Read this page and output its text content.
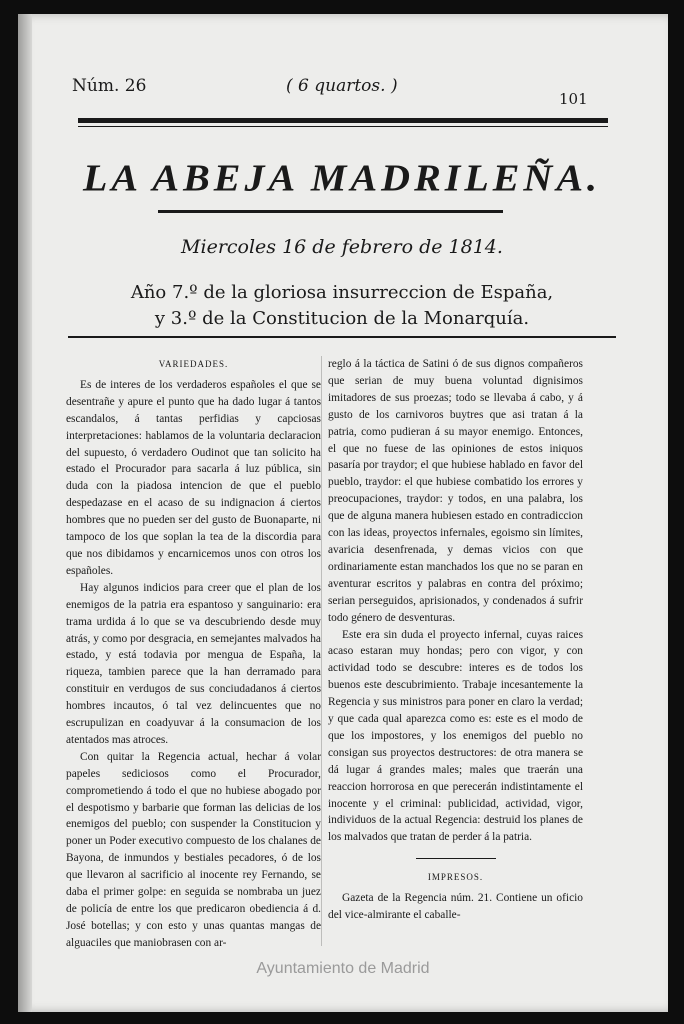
Núm. 26	( 6 quartos. )
101
LA ABEJA MADRILEÑA.
Miercoles 16 de febrero de 1814.
Año 7.º de la gloriosa insurreccion de España,
y 3.º de la Constitucion de la Monarquía.
VARIEDADES.

Es de interes de los verdaderos españoles el que se desentrañe y apure el punto que ha dado lugar á tantos escandalos, á tantas perfidias y capciosas interpretaciones: hablamos de la voluntaria declaracion del supuesto, ó verdadero Oudinot que tan solicito ha estado el Procurador para sacarla á luz pública, sin duda con la piadosa intencion de que el pueblo despedazase en el acaso de su indignacion á ciertos hombres que no pueden ser del gusto de Buonaparte, ni tampoco de los que soplan la tea de la discordia para que nos dibidamos y encarnicemos unos con otros los españoles.

Hay algunos indicios para creer que el plan de los enemigos de la patria era espantoso y sanguinario: era trama urdida á lo que se va descubriendo desde muy atrás, y como por desgracia, en semejantes malvados ha estado, y está todavia por mengua de España, la riqueza, tambien parece que la han derramado para constituir en verdugos de sus conciudadanos á ciertos hombres incautos, ó tal vez delincuentes que no escrupulizan en coadyuvar á la consumacion de los atentados mas atroces.

Con quitar la Regencia actual, hechar á volar papeles sediciosos como el Procurador, comprometiendo á todo el que no hubiese abogado por el despotismo y barbarie que forman las delicias de los enemigos del pueblo; con suspender la Constitucion y poner un Poder executivo compuesto de los chalanes de Bayona, de inmundos y bestiales pecadores, ó de los que llevaron al sacrificio al inocente rey Fernando, se daba el primer golpe: en seguida se nombraba un juez de policía de entre los que predicaron obediencia á d. José botellas; y con esto y unas quantas mangas de alguaciles que maniobrasen con ar-

reglo á la táctica de Satini ó de sus dignos compañeros que serian de muy buena voluntad dignisimos imitadores de sus proezas; todo se llevaba á cabo, y á gusto de los carnivoros buytres que asi tratan á la patria, como pudieran á su mayor enemigo. Entonces, el que no fuese de las opiniones de estos iniquos pasaría por traydor; el que hubiese hablado en favor del pueblo, traydor: el que hubiese combatido los errores y preocupaciones, traydor: y todos, en una palabra, los que de alguna manera hubiesen estado en contradiccion con las ideas, proyectos infernales, egoismo sin límites, avaricia desenfrenada, y demas vicios con que ordinariamente estan manchados los que no se paran en aventurar escritos y palabras en contra del próximo; serian perseguidos, aprisionados, y condenados á sufrir todo género de desventuras.

Este era sin duda el proyecto infernal, cuyas raices acaso estaran muy hondas; pero con vigor, y con actividad todo se descubre: interes es de todos los buenos este descubrimiento. Trabaje incesantemente la Regencia y sus ministros para poner en claro la verdad; y que cada qual aparezca como es: este es el modo de que los impostores, y los enemigos del pueblo no consigan sus proyectos destructores: de otra manera se dá lugar á grandes males; males que traerán una reaccion horrorosa en que perecerán indistintamente el inocente y el criminal: publicidad, actividad, vigor, individuos de la actual Regencia: destruid los planes de los malvados que tratan de perder á la patria.

IMPRESOS.

Gazeta de la Regencia núm. 21. Contiene un oficio del vice-almirante el caballe-

Ayuntamiento de Madrid
